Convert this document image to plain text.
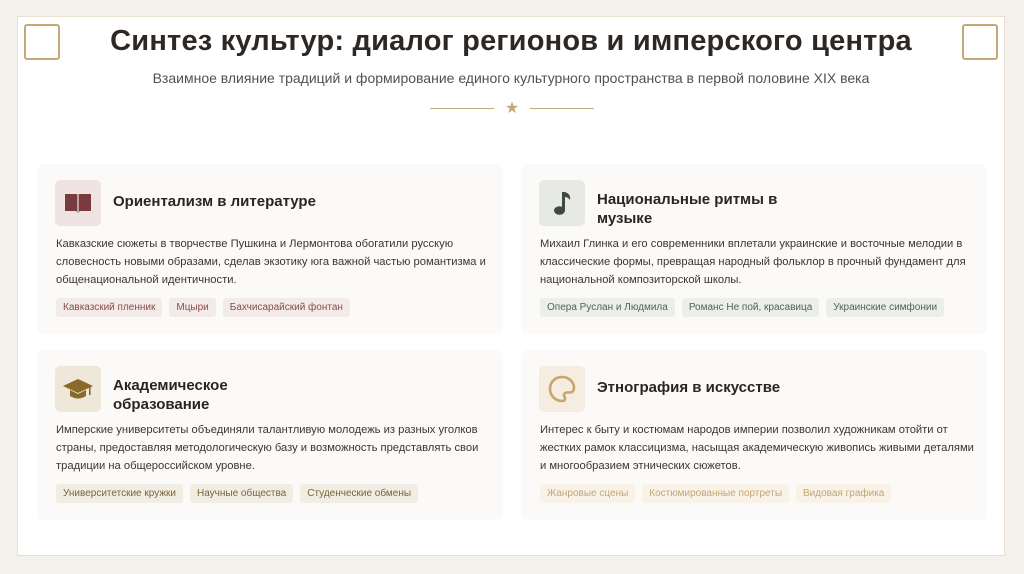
Синтез культур: диалог регионов и имперского центра
Взаимное влияние традиций и формирование единого культурного пространства в первой половине XIX века
★
Ориентализм в литературе
Кавказские сюжеты в творчестве Пушкина и Лермонтова обогатили русскую словесность новыми образами, сделав экзотику юга важной частью романтизма и общенациональной идентичности.
Кавказский пленник	Мцыри	Бахчисарайский фонтан
Национальные ритмы в музыке
Михаил Глинка и его современники вплетали украинские и восточные мелодии в классические формы, превращая народный фольклор в прочный фундамент для национальной композиторской школы.
Опера Руслан и Людмила	Романс Не пой, красавица	Украинские симфонии
Академическое образование
Имперские университеты объединяли талантливую молодежь из разных уголков страны, предоставляя методологическую базу и возможность представлять свои традиции на общероссийском уровне.
Университетские кружки	Научные общества	Студенческие обмены
Этнография в искусстве
Интерес к быту и костюмам народов империи позволил художникам отойти от жестких рамок классицизма, насыщая академическую живопись живыми деталями и многообразием этнических сюжетов.
Жанровые сцены	Костюмированные портреты	Видовая графика
